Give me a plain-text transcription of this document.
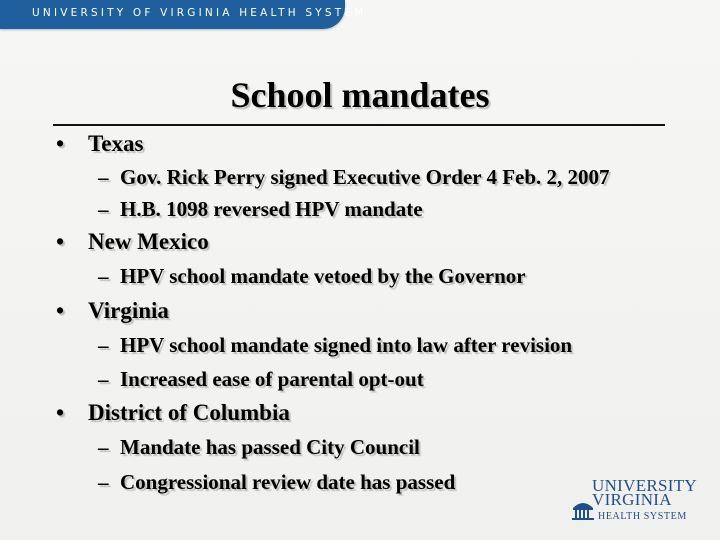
UNIVERSITY OF VIRGINIA HEALTH SYSTEM
School mandates
• Texas
– Gov. Rick Perry signed Executive Order 4 Feb. 2, 2007
– H.B. 1098 reversed HPV mandate
• New Mexico
– HPV school mandate vetoed by the Governor
• Virginia
– HPV school mandate signed into law after revision
– Increased ease of parental opt-out
• District of Columbia
– Mandate has passed City Council
– Congressional review date has passed	UNIVERSITY
VIRGINIA
HEALTH SYSTEM
